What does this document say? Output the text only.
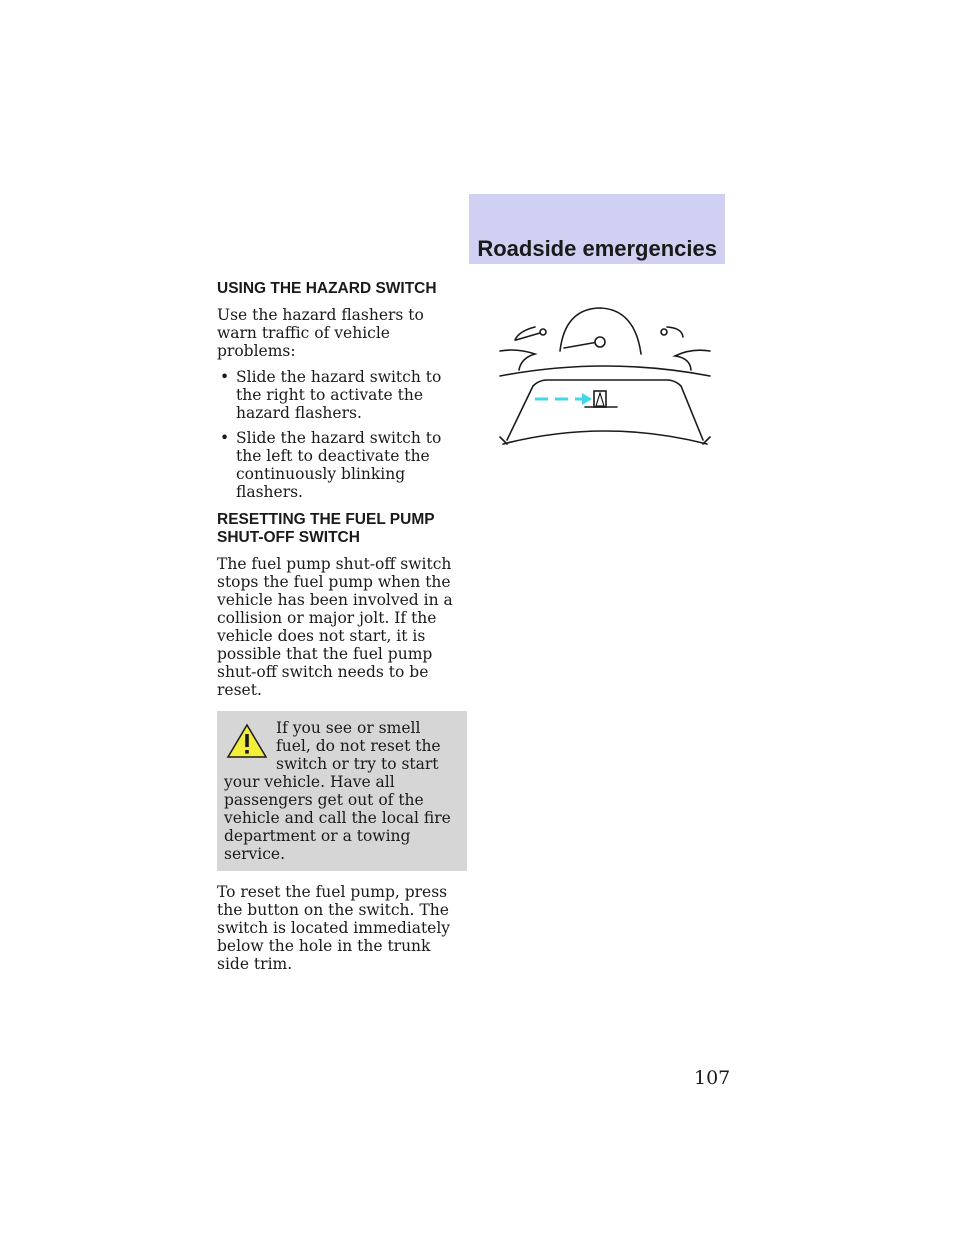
Roadside emergencies
USING THE HAZARD SWITCH

Use the hazard flashers to warn traffic of vehicle problems:

• Slide the hazard switch to the right to activate the hazard flashers.
• Slide the hazard switch to the left to deactivate the continuously blinking flashers.
RESETTING THE FUEL PUMP SHUT-OFF SWITCH

The fuel pump shut-off switch stops the fuel pump when the vehicle has been involved in a collision or major jolt. If the vehicle does not start, it is possible that the fuel pump shut-off switch needs to be reset.

If you see or smell fuel, do not reset the switch or try to start your vehicle. Have all passengers get out of the vehicle and call the local fire department or a towing service.

To reset the fuel pump, press the button on the switch. The switch is located immediately below the hole in the trunk side trim.

107
